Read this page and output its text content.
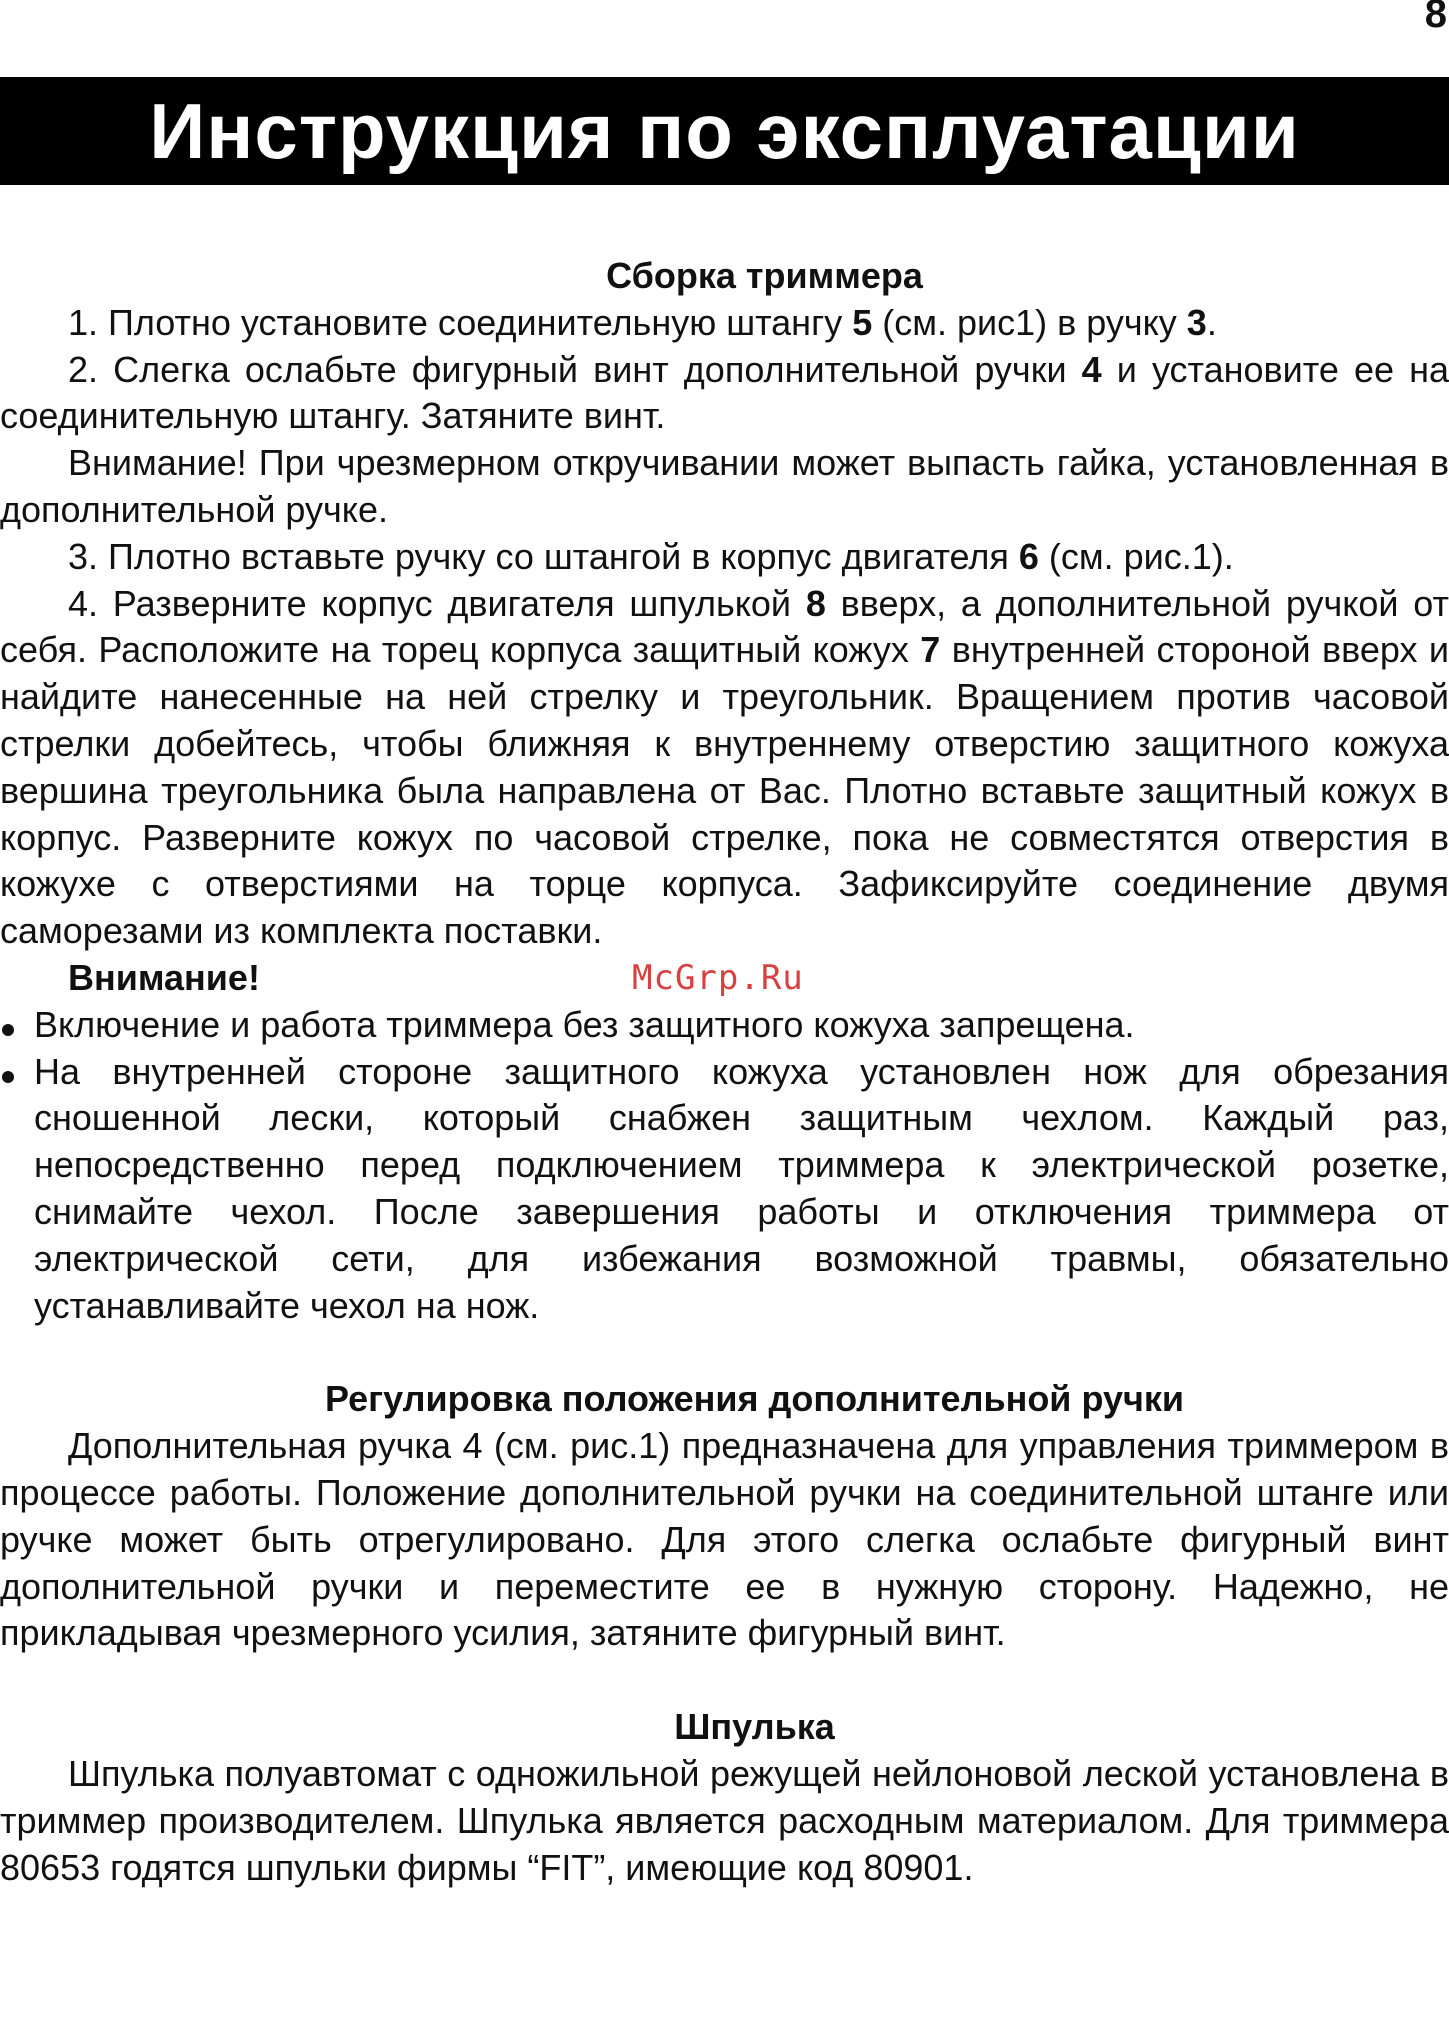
8
Инструкция по эксплуатации

Сборка триммера

1. Плотно установите соединительную штангу 5 (см. рис1) в ручку 3.

2. Слегка ослабьте фигурный винт дополнительной ручки 4 и установите ее на соединительную штангу. Затяните винт.

Внимание! При чрезмерном откручивании может выпасть гайка, установленная в дополнительной ручке.

3. Плотно вставьте ручку со штангой в корпус двигателя 6 (см. рис.1).

4. Разверните корпус двигателя шпулькой 8 вверх, а дополнительной ручкой от себя. Расположите на торец корпуса защитный кожух 7 внутренней стороной вверх и найдите нанесенные на ней стрелку и треугольник. Вращением против часовой стрелки добейтесь, чтобы ближняя к внутреннему отверстию защитного кожуха вершина треугольника была направлена от Вас. Плотно вставьте защитный кожух в корпус. Разверните кожух по часовой стрелке, пока не совместятся отверстия в кожухе с отверстиями на торце корпуса. Зафиксируйте соединение двумя саморезами из комплекта поставки.

Внимание!	McGrp.Ru
Включение и работа триммера без защитного кожуха запрещена.
На внутренней стороне защитного кожуха установлен нож для обрезания сношенной лески, который снабжен защитным чехлом. Каждый раз, непосредственно перед подключением триммера к электрической розетке, снимайте чехол. После завершения работы и отключения триммера от электрической сети, для избежания возможной травмы, обязательно устанавливайте чехол на нож.

Регулировка положения дополнительной ручки

Дополнительная ручка 4 (см. рис.1) предназначена для управления триммером в процессе работы. Положение дополнительной ручки на соединительной штанге или ручке может быть отрегулировано. Для этого слегка ослабьте фигурный винт дополнительной ручки и переместите ее в нужную сторону. Надежно, не прикладывая чрезмерного усилия, затяните фигурный винт.

Шпулька

Шпулька полуавтомат с одножильной режущей нейлоновой леской установлена в триммер производителем. Шпулька является расходным материалом. Для триммера 80653 годятся шпульки фирмы “FIT”, имеющие код 80901.
